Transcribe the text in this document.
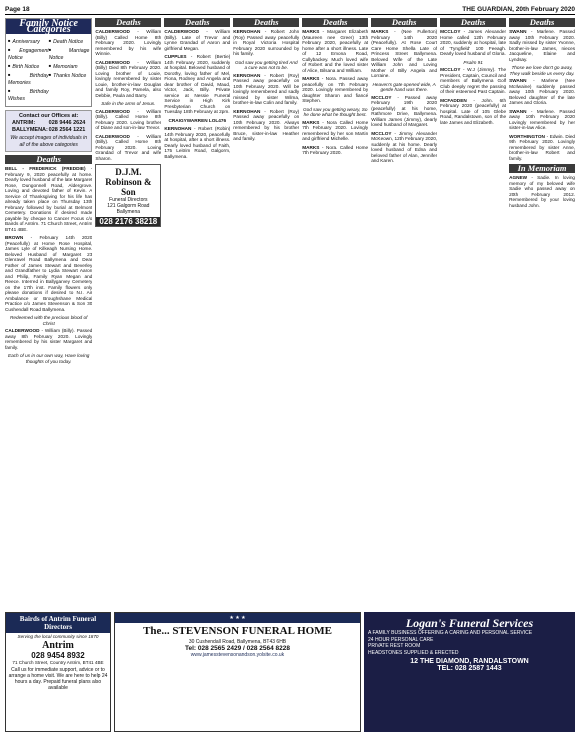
Page 18	THE GUARDIAN, 20th February 2020
Family Notice Categories
■ Anniversary
■ Engagement Notice
■ Birth Notice
■ Birthday Memories
■ Birthday Wishes
■ Death Notice
■ Marriage Notice
■ Memoriam
■ Thanks Notice
Contact our Offices at:
ANTRIM: 028 9446 2624
BALLYMENA: 028 2564 1221
We accept images of individuals in all of the above categories
Deaths
BELL - FREDERICK (FREDDIE) - February 9, 2020 peacefully at home. Dearly loved husband of the late Margaret Rose, Dungonnell Road, Aldergrove. Loving and devoted father of Kevin. A Service of Thanksgiving for his life has already taken place on Thursday 13th February followed by burial at Belmont Cemetery. Donations if desired made payable by cheque to Cancer Focus c/o Bairds of Antrim. 71 Church Street, Antrim BT41 4BE.
BROWN - February 14th 2020 (Peacefully) at Home Rose Hospital, James Lyle of Kilkeagh Nursing Home. Beloved Husband of Margaret 23 Glenravel Road Ballymena and Dear Father of James Stewart and Beverley and Grandfather to Lydia Stewart Aaron and Philip, Family Ryan Megan and Reece. Interred in Ballygarvey Cemetery on the 17th inst. Family flowers only please donations if desired to N.I. Air Ambulance or Broughshane Medical Practice c/o James Stevenson & Son 30 Cushendall Road Ballymena.
Redeemed with the precious blood of Christ
CALDERWOOD - William (Billy). Passed away 8th February 2020. Lovingly remembered by his sister Margaret and family.
Each of us in our own way, Have loving thoughts of you today.
Deaths
CALDERWOOD - William (Billy) Called Home 8th February 2020. Lovingly remembered by his wife Winnie.
CALDERWOOD - William (Billy) Died 8th February 2020. Loving brother of Louie, lovingly remembered by sister Louie, brother-in-law Douglas and family Roy, Pamela, also Debbie, Paula and Barry.
Safe in the arms of Jesus.
CALDERWOOD - William (Billy). Called Home 8th February 2020. Loving brother of Diane and son-in-law Trevor.
CALDERWOOD - William (Billy). Called Home 8th February 2020. Loving Grandad of Trevor and wife Sharon.
D.J.M. Robinson & Son
Funeral Directors
121 Galgorm Road Ballymena
028 2176 38218
Deaths
CALDERWOOD - William (Billy). Late of Trevor and Lynne Grandad of Aaron and girlfriend Megan.
CUPPLES - Robert (Bertie) 14th February 2020, suddenly at hospital. Beloved husband of Dorothy, loving father of Mel, Fiona, Rodney and Angela and dear brother of David, Maud, Victor, Jack, Billy. Private service at Nessie Funeral Service in High Kirk Presbyterian Church on Tuesday 18th February at 2pm.
CRAIGYWARREN LOL476
KERNOHAN - Robert (Robin) 14th February 2020, peacefully at hospital, after a short illness. Dearly loved husband of Faith, 175 Leitrim Road, Galgorm, Ballymena.
Deaths
KERNOHAN - Robert John (Roy) Passed away peacefully in Royal Victoria Hospital February 2020 surrounded by his family.
God saw you getting tired And a cure was not to be.
KERNOHAN - Robert (Roy) Passed away peacefully on 10th February 2020. Will be lovingly remembered and sadly missed by sister Wilma, brother-in-law Colin and family.
KERNOHAN - Robert (Roy) Passed away peacefully on 10th February 2020. Always remembered by his brother Bruce, sister-in-law Heather and family.
Deaths
MARKS - Margaret Elizabeth (Maureen nee Greer) 13th February 2020, peacefully at home after a short illness. Late of 12 Emona Road, Cullybackey. Much loved wife of Robert and the loved sister of Alice, Bilsana and William.
MARKS - Nora. Passed away peacefully on 7th February 2020. Lovingly remembered by daughter Sharon and fiancé Stephen.
God saw you getting weary, So he done what he thought best.
MARKS - Nora Called Home 7th February 2020. Lovingly remembered by her son Martin and girlfriend Michelle.
MARKS - Nora. Called Home 7th February 2020.
Deaths
MARKS - (Nee Fullerton) February 14th 2020 (Peacefully). At Rose Court Care Home Shella Late of Princess Street Ballymena. Beloved Wife of the Late William John and Loving Mother of Billy Angela and Lorraine.
Heaven's gate opened wide, A gentle hand was there.
MCCLOY - Passed away February 19th 2020 (peacefully) at his home, Rathmore Drive, Ballymena. William James (Jimmy), dearly loved husband of Margaret.
MCCLOY - Jimmy. Alexander McKeown, 12th February 2020, suddenly at his home. Dearly loved husband of Edna and beloved father of Alan, Jennifer and Karen.
Deaths
MCCLOY - James Alexander Home called 12th February 2020, suddenly at hospital, late of 'Tyngfield' 100 Feeagh. Dearly loved husband of Gloria.
Psalm 91
MCCLOY - W.J (Jimmy). The President, Captain, Council and members of Ballymena Golf Club deeply regret the passing of their esteemed Past Captain.
MCFADDEN - John. 6th February 2020 (peacefully) at hospital. Late of 105 Glebe Road, Randalstown, son of the late James and Elizabeth.
Deaths
SWANN - Marlene. Passed away 10th February 2020. Sadly missed by sister Yvonne, brother-in-law James, nieces Jacqueline, Elaine and Lyndsay.
Those we love don't go away, They walk beside us every day.
SWANN - Marlene (Nee McIlwaine) suddenly passed away 10th February 2020. Beloved daughter of the late James and Gloria.
SWANN - Marlene. Passed away 10th February 2020 Lovingly remembered by her sister-in-law Alice.
WORTHINGTON - Edwin. Died 9th February 2020. Lovingly remembered by sister Anne, brother-in-law Robert and family.
In Memoriam
AGNEW - Sadie. In loving memory of my beloved wife Sadie who passed away on 20th February 2012. Remembered by your loving husband John.
Bairds of Antrim Funeral Directors
Serving the local community since 1870
Antrim
028 9454 8932
71 Church Street, Country Antrim, BT41 4BE
Call us for immediate support, advice or to arrange a home visit. We are here to help 24 hours a day. Prepaid funeral plans also available
★ ★ ★
The... STEVENSON FUNERAL HOME
30 Cushendall Road, Ballymena, BT43 6HB
Tel: 028 2565 2429 / 028 2564 8228
www.jamesstevensonandson.yolsite.co.uk
Logan's Funeral Services
A FAMILY BUSINESS OFFERING A CARING AND PERSONAL SERVICE
24 HOUR PERSONAL CARE
PRIVATE REST ROOM
HEADSTONES SUPPLIED & ERECTED
12 THE DIAMOND, RANDALSTOWN
TEL: 028 2587 1443
